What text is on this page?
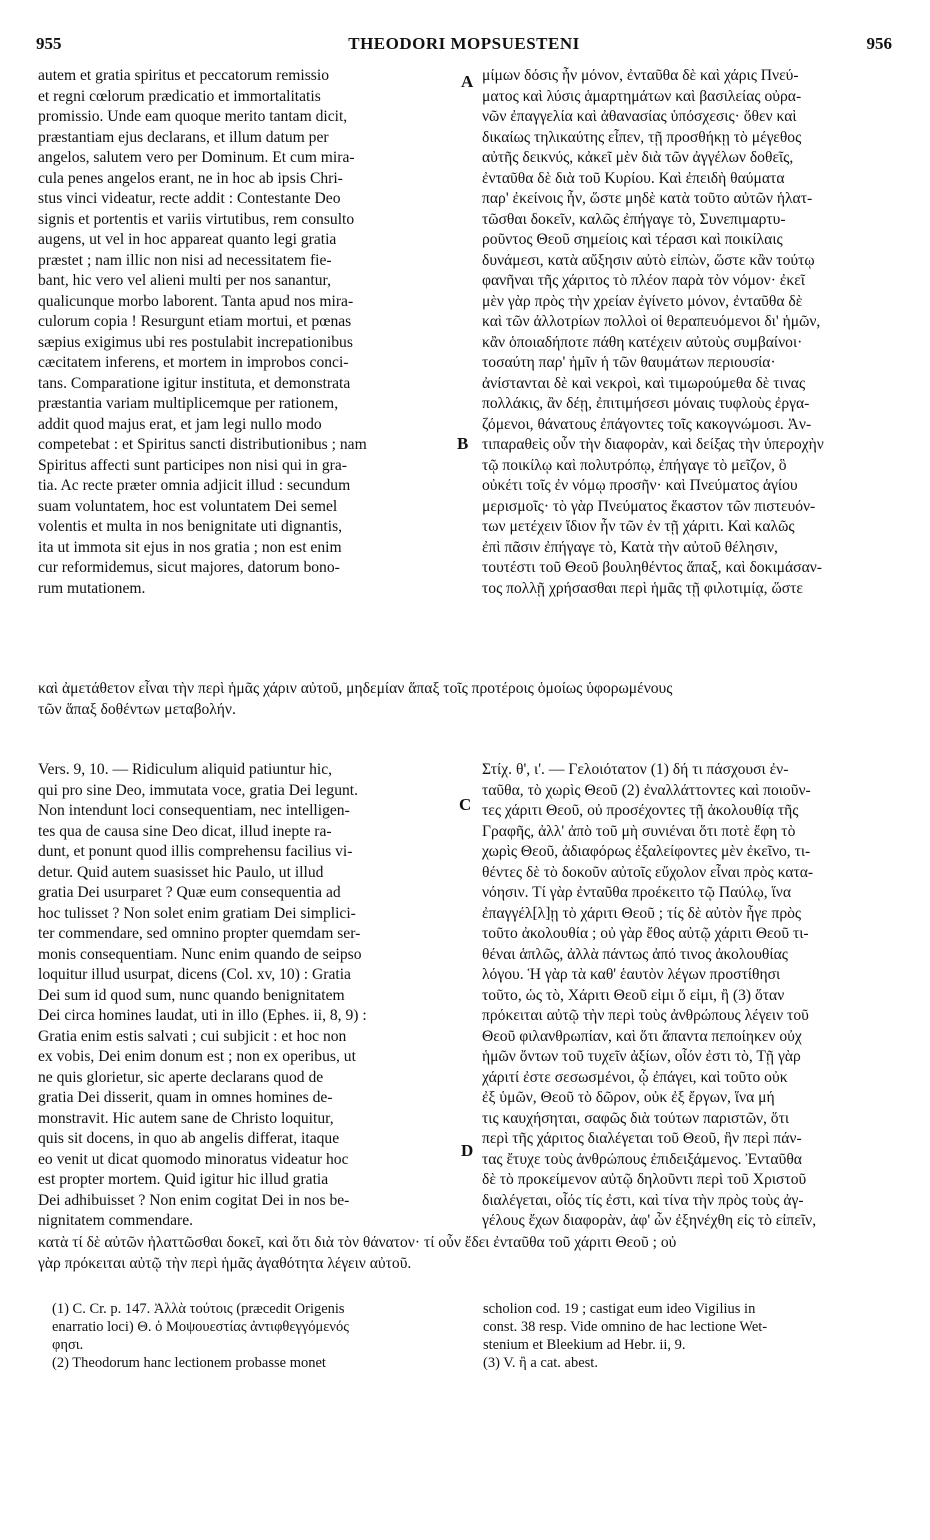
955	THEODORI MOPSUESTENI	956
autem et gratia spiritus et peccatorum remissio
et regni cœlorum prædicatio et immortalitatis
promissio. Unde eam quoque merito tantam dicit,
præstantiam ejus declarans, et illum datum per
angelos, salutem vero per Dominum. Et cum mira-
cula penes angelos erant, ne in hoc ab ipsis Chri-
stus vinci videatur, recte addit : Contestante Deo
signis et portentis et variis virtutibus, rem consulto
augens, ut vel in hoc appareat quanto legi gratia
præstet ; nam illic non nisi ad necessitatem fie-
bant, hic vero vel alieni multi per nos sanantur,
qualicunque morbo laborent. Tanta apud nos mira-
culorum copia ! Resurgunt etiam mortui, et pœnas
sæpius exigimus ubi res postulabit increpationibus
cæcitatem inferens, et mortem in improbos conci-
tans. Comparatione igitur instituta, et demonstrata
præstantia variam multiplicemque per rationem,
addit quod majus erat, et jam legi nullo modo
competebat : et Spiritus sancti distributionibus ; nam
Spiritus affecti sunt participes non nisi qui in gra-
tia. Ac recte præter omnia adjicit illud : secundum
suam voluntatem, hoc est voluntatem Dei semel
volentis et multa in nos benignitate uti dignantis,
ita ut immota sit ejus in nos gratia ; non est enim
cur reformidemus, sicut majores, datorum bono-
rum mutationem.
μίμων δόσις ἦν μόνον, ἐνταῦθα δὲ καὶ χάρις Πνεύ-
ματος καὶ λύσις ἁμαρτημάτων καὶ βασιλείας οὐρα-
νῶν ἐπαγγελία καὶ ἀθανασίας ὑπόσχεσις· ὅθεν καὶ
δικαίως τηλικαύτης εἶπεν, τῇ προσθήκῃ τὸ μέγεθος
αὐτῆς δεικνύς, κἀκεῖ μὲν διὰ τῶν ἀγγέλων δοθεῖς,
ἐνταῦθα δὲ διὰ τοῦ Κυρίου. Καὶ ἐπειδὴ θαύματα
παρ' ἐκείνοις ἦν, ὥστε μηδὲ κατὰ τοῦτο αὐτῶν ἡλατ-
τῶσθαι δοκεῖν, καλῶς ἐπήγαγε τὸ, Συνεπιμαρτυ-
ροῦντος Θεοῦ σημείοις καὶ τέρασι καὶ ποικίλαις
δυνάμεσι, κατὰ αὔξησιν αὐτὸ εἰπὼν, ὥστε κἂν τούτῳ
φανῆναι τῆς χάριτος τὸ πλέον παρὰ τὸν νόμον· ἐκεῖ
μὲν γὰρ πρὸς τὴν χρείαν ἐγίνετο μόνον, ἐνταῦθα δὲ
καὶ τῶν ἀλλοτρίων πολλοὶ οἱ θεραπευόμενοι δι' ἡμῶν,
κἂν ὁποιαδήποτε πάθη κατέχειν αὐτοὺς συμβαίνοι·
τοσαύτη παρ' ἡμῖν ἡ τῶν θαυμάτων περιουσία·
ἀνίστανται δὲ καὶ νεκροὶ, καὶ τιμωρούμεθα δὲ τινας
πολλάκις, ἂν δέῃ, ἐπιτιμήσεσι μόναις τυφλοὺς ἐργα-
ζόμενοι, θάνατους ἐπάγοντες τοῖς κακογνώμοσι. Ἀν-
τιπαραθεὶς οὖν τὴν διαφορὰν, καὶ δείξας τὴν ὑπεροχὴν
τῷ ποικίλῳ καὶ πολυτρόπῳ, ἐπήγαγε τὸ μεῖζον, ὃ
οὐκέτι τοῖς ἐν νόμῳ προσῆν· καὶ Πνεύματος ἁγίου
μερισμοῖς· τὸ γὰρ Πνεύματος ἕκαστον τῶν πιστευόν-
των μετέχειν ἴδιον ἦν τῶν ἐν τῇ χάριτι. Καὶ καλῶς
ἐπὶ πᾶσιν ἐπήγαγε τὸ, Κατὰ τὴν αὐτοῦ θέλησιν,
τουτέστι τοῦ Θεοῦ βουληθέντος ἅπαξ, καὶ δοκιμάσαν-
τος πολλῇ χρήσασθαι περὶ ἡμᾶς τῇ φιλοτιμίᾳ, ὥστε
καὶ ἀμετάθετον εἶναι τὴν περὶ ἡμᾶς χάριν αὐτοῦ, μηδεμίαν ἅπαξ τοῖς προτέροις ὁμοίως ὑφορωμένους
τῶν ἅπαξ δοθέντων μεταβολήν.
Vers. 9, 10. — Ridiculum aliquid patiuntur hic,
qui pro sine Deo, immutata voce, gratia Dei legunt.
Non intendunt loci consequentiam, nec intelligen-
tes qua de causa sine Deo dicat, illud inepte ra-
dunt, et ponunt quod illis comprehensu facilius vi-
detur. Quid autem suasisset hic Paulo, ut illud
gratia Dei usurparet ? Quæ eum consequentia ad
hoc tulisset ? Non solet enim gratiam Dei simplici-
ter commendare, sed omnino propter quemdam ser-
monis consequentiam. Nunc enim quando de seipso
loquitur illud usurpat, dicens (Col. xv, 10) : Gratia
Dei sum id quod sum, nunc quando benignitatem
Dei circa homines laudat, uti in illo (Ephes. ii, 8, 9) :
Gratia enim estis salvati ; cui subjicit : et hoc non
ex vobis, Dei enim donum est ; non ex operibus, ut
ne quis glorietur, sic aperte declarans quod de
gratia Dei disserit, quam in omnes homines de-
monstravit. Hic autem sane de Christo loquitur,
quis sit docens, in quo ab angelis differat, itaque
eo venit ut dicat quomodo minoratus videatur hoc
est propter mortem. Quid igitur hic illud gratia
Dei adhibuisset ? Non enim cogitat Dei in nos be-
nignitatem commendare.
Στίχ. θ', ι'. — Γελοιότατον (1) δή τι πάσχουσι ἐν-
ταῦθα, τὸ χωρὶς Θεοῦ (2) ἐναλλάττοντες καὶ ποιοῦν-
τες χάριτι Θεοῦ, οὐ προσέχοντες τῇ ἀκολουθίᾳ τῆς
Γραφῆς, ἀλλ' ἀπὸ τοῦ μὴ συνιέναι ὅτι ποτὲ ἔφη τὸ
χωρὶς Θεοῦ, ἀδιαφόρως ἐξαλείφοντες μὲν ἐκεῖνο, τι-
θέντες δὲ τὸ δοκοῦν αὐτοῖς εὔχολον εἶναι πρὸς κατα-
νόησιν. Τί γὰρ ἐνταῦθα προέκειτο τῷ Παύλῳ, ἵνα
ἐπαγγέλ[λ]ῃ τὸ χάριτι Θεοῦ ; τίς δὲ αὐτὸν ἦγε πρὸς
τοῦτο ἀκολουθία ; οὐ γὰρ ἔθος αὐτῷ χάριτι Θεοῦ τι-
θέναι ἁπλῶς, ἀλλὰ πάντως ἀπό τινος ἀκολουθίας
λόγου. Ἡ γὰρ τὰ καθ' ἑαυτὸν λέγων προστίθησι
τοῦτο, ὡς τὸ, Χάριτι Θεοῦ εἰμι ὅ εἰμι, ἢ (3) ὅταν
πρόκειται αὐτῷ τὴν περὶ τοὺς ἀνθρώπους λέγειν τοῦ
Θεοῦ φιλανθρωπίαν, καὶ ὅτι ἅπαντα πεποίηκεν οὐχ
ἡμῶν ὄντων τοῦ τυχεῖν ἀξίων, οἷόν ἐστι τὸ, Τῇ γὰρ
χάριτί ἐστε σεσωσμένοι, ᾧ ἐπάγει, καὶ τοῦτο οὐκ
ἐξ ὑμῶν, Θεοῦ τὸ δῶρον, οὐκ ἐξ ἔργων, ἵνα μή
τις καυχήσηται, σαφῶς διὰ τούτων παριστῶν, ὅτι
περὶ τῆς χάριτος διαλέγεται τοῦ Θεοῦ, ἣν περὶ πάν-
τας ἔτυχε τοὺς ἀνθρώπους ἐπιδειξάμενος. Ἐνταῦθα
δὲ τὸ προκείμενον αὐτῷ δηλοῦντι περὶ τοῦ Χριστοῦ
διαλέγεται, οἷός τίς ἐστι, καὶ τίνα τὴν πρὸς τοὺς ἀγ-
γέλους ἔχων διαφορὰν, ἀφ' ὧν ἐξηνέχθη εἰς τὸ εἰπεῖν,
κατὰ τί δὲ αὐτῶν ἠλαττῶσθαι δοκεῖ, καὶ ὅτι διὰ τὸν θάνατον· τί οὖν ἔδει ἐνταῦθα τοῦ χάριτι Θεοῦ ; οὐ
γὰρ πρόκειται αὐτῷ τὴν περὶ ἡμᾶς ἀγαθότητα λέγειν αὐτοῦ.
A
B
C
D
(1) C. Cr. p. 147. Ἀλλὰ τούτοις (præcedit Origenis
enarratio loci) Θ. ὁ Μοψουεστίας ἀντιφθεγγόμενός
φησι.
(2) Theodorum hanc lectionem probasse monet
scholion cod. 19 ; castigat eum ideo Vigilius in
const. 38 resp. Vide omnino de hac lectione Wet-
stenium et Bleekium ad Hebr. ii, 9.
(3) V. ἢ a cat. abest.
